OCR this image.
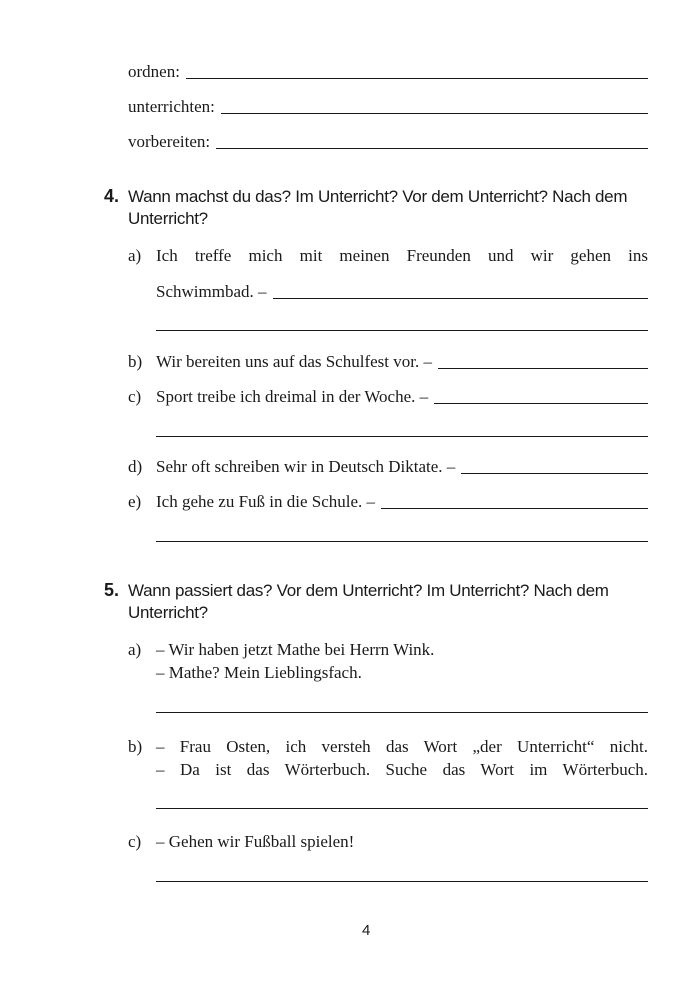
ordnen:
unterrichten:
vorbereiten:
4. Wann machst du das? Im Unterricht? Vor dem Unterricht? Nach dem Unterricht?
a) Ich treffe mich mit meinen Freunden und wir gehen ins
Schwimmbad. –
b) Wir bereiten uns auf das Schulfest vor. –
c) Sport treibe ich dreimal in der Woche. –
d) Sehr oft schreiben wir in Deutsch Diktate. –
e) Ich gehe zu Fuß in die Schule. –
5. Wann passiert das? Vor dem Unterricht? Im Unterricht? Nach dem Unterricht?
a) – Wir haben jetzt Mathe bei Herrn Wink.
– Mathe? Mein Lieblingsfach.
b) – Frau Osten, ich versteh das Wort „der Unterricht“ nicht.
– Da ist das Wörterbuch. Suche das Wort im Wörterbuch.
c) – Gehen wir Fußball spielen!
4
